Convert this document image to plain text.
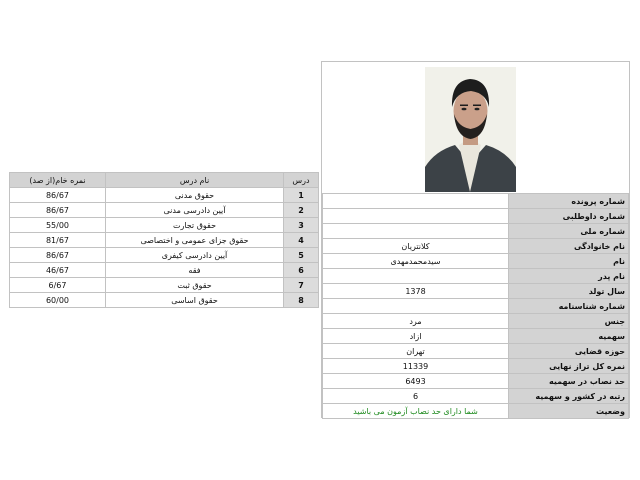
درس	نام درس	نمره خام(از صد)
1	حقوق مدنی	86/67
2	آیین دادرسی مدنی	86/67
3	حقوق تجارت	55/00
4	حقوق جزای عمومی و اختصاصی	81/67
5	آیین دادرسی کیفری	86/67
6	فقه	46/67
7	حقوق ثبت	6/67
8	حقوق اساسی	60/00
شماره پرونده	
شماره داوطلبی	
شماره ملی	
نام خانوادگی	کلانتریان
نام	سیدمحمدمهدی
نام پدر	
سال تولد	1378
شماره شناسنامه	
جنس	مرد
سهمیه	ازاد
حوزه قضایی	تهران
نمره کل تراز نهایی	11339
حد نصاب در سهمیه	6493
رتبه در کشور و سهمیه	6
وضعیت	شما دارای حد نصاب آزمون می باشید
